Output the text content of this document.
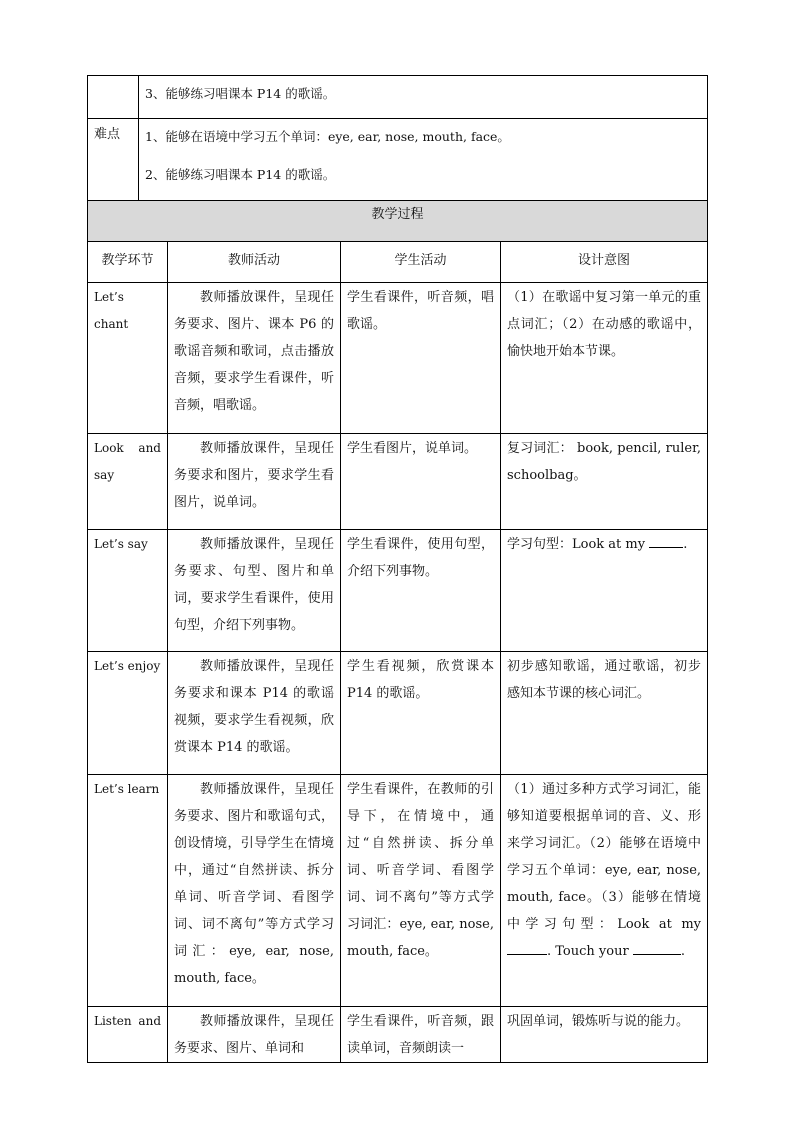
	3、能够练习唱课本 P14 的歌谣。			

难点	1、能够在语境中学习五个单词：eye, ear, nose, mouth, face。

2、能够练习唱课本 P14 的歌谣。			

教学过程				
教学环节		教师活动	学生活动	设计意图
Let’s chant		教师播放课件，呈现任务要求、图片、课本 P6 的歌谣音频和歌词，点击播放音频，要求学生看课件，听音频，唱歌谣。	学生看课件，听音频，唱歌谣。	（1）在歌谣中复习第一单元的重点词汇；（2）在动感的歌谣中，愉快地开始本节课。
Look and say		教师播放课件，呈现任务要求和图片，要求学生看图片，说单词。	学生看图片，说单词。	复习词汇： book, pencil, ruler, schoolbag。
Let’s say		教师播放课件，呈现任务要求、句型、图片和单词，要求学生看课件，使用句型，介绍下列事物。	学生看课件，使用句型，介绍下列事物。	学习句型：Look at my .
Let’s enjoy		教师播放课件，呈现任务要求和课本 P14 的歌谣视频，要求学生看视频，欣赏课本 P14 的歌谣。	学生看视频，欣赏课本 P14 的歌谣。	初步感知歌谣，通过歌谣，初步感知本节课的核心词汇。
Let’s learn		教师播放课件，呈现任务要求、图片和歌谣句式，创设情境，引导学生在情境中，通过“自然拼读、拆分单词、听音学词、看图学词、词不离句”等方式学习词汇：eye, ear, nose, mouth, face。	学生看课件，在教师的引导下，在情境中，通过“自然拼读、拆分单词、听音学词、看图学词、词不离句”等方式学习词汇：eye, ear, nose, mouth, face。	（1）通过多种方式学习词汇，能够知道要根据单词的音、义、形来学习词汇。（2）能够在语境中学习五个单词：eye, ear, nose, mouth, face。（3）能够在情境中学习句型：Look at my . Touch your .
Listen and		教师播放课件，呈现任务要求、图片、单词和	学生看课件，听音频，跟读单词，音频朗读一	巩固单词，锻炼听与说的能力。
